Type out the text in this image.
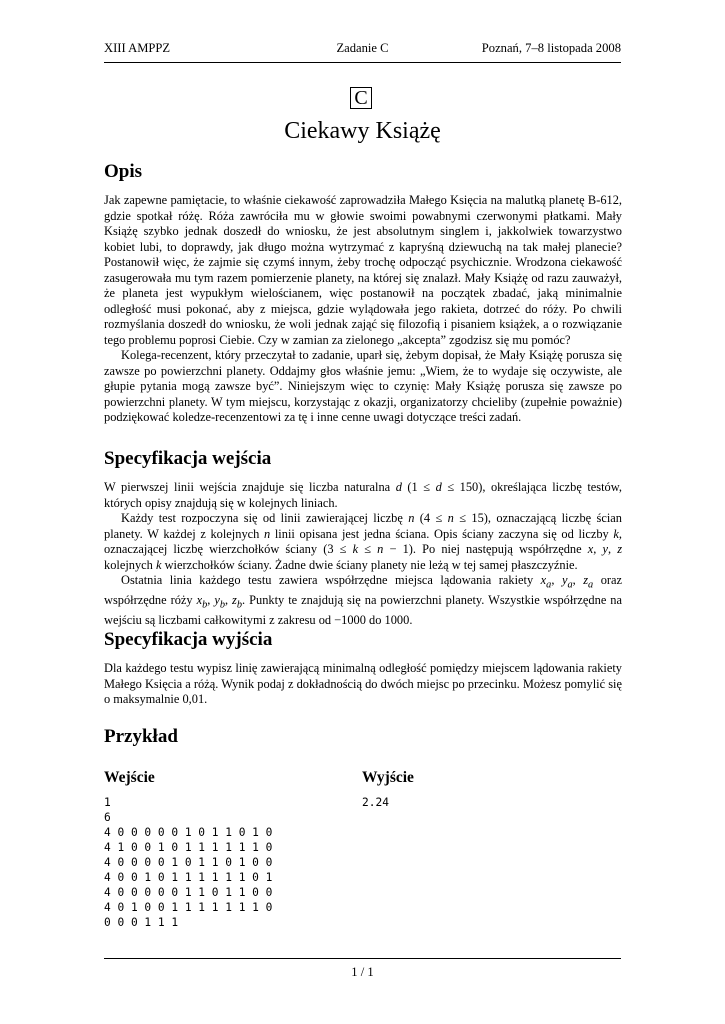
XIII AMPPZ	Zadanie C	Poznań, 7–8 listopada 2008
C
Ciekawy Książę
Opis

Jak zapewne pamiętacie, to właśnie ciekawość zaprowadziła Małego Księcia na malutką planetę B-612, gdzie spotkał różę. Róża zawróciła mu w głowie swoimi powabnymi czerwonymi płatkami. Mały Książę szybko jednak doszedł do wniosku, że jest absolutnym singlem i, jakkolwiek towarzystwo kobiet lubi, to doprawdy, jak długo można wytrzymać z kapryśną dziewuchą na tak małej planecie? Postanowił więc, że zajmie się czymś innym, żeby trochę odpocząć psychicznie. Wrodzona ciekawość zasugerowała mu tym razem pomierzenie planety, na której się znalazł. Mały Książę od razu zauważył, że planeta jest wypukłym wielościanem, więc postanowił na początek zbadać, jaką minimalnie odległość musi pokonać, aby z miejsca, gdzie wylądowała jego rakieta, dotrzeć do róży. Po chwili rozmyślania doszedł do wniosku, że woli jednak zająć się filozofią i pisaniem książek, a o rozwiązanie tego problemu poprosi Ciebie. Czy w zamian za zielonego „akcepta” zgodzisz się mu pomóc?

Kolega-recenzent, który przeczytał to zadanie, uparł się, żebym dopisał, że Mały Książę porusza się zawsze po powierzchni planety. Oddajmy głos właśnie jemu: „Wiem, że to wydaje się oczywiste, ale głupie pytania mogą zawsze być”. Niniejszym więc to czynię: Mały Książę porusza się zawsze po powierzchni planety. W tym miejscu, korzystając z okazji, organizatorzy chcieliby (zupełnie poważnie) podziękować koledze-recenzentowi za tę i inne cenne uwagi dotyczące treści zadań.

Specyfikacja wejścia

W pierwszej linii wejścia znajduje się liczba naturalna d (1 ≤ d ≤ 150), określająca liczbę testów, których opisy znajdują się w kolejnych liniach.

Każdy test rozpoczyna się od linii zawierającej liczbę n (4 ≤ n ≤ 15), oznaczającą liczbę ścian planety. W każdej z kolejnych n linii opisana jest jedna ściana. Opis ściany zaczyna się od liczby k, oznaczającej liczbę wierzchołków ściany (3 ≤ k ≤ n − 1). Po niej następują współrzędne x, y, z kolejnych k wierzchołków ściany. Żadne dwie ściany planety nie leżą w tej samej płaszczyźnie.

Ostatnia linia każdego testu zawiera współrzędne miejsca lądowania rakiety $x_a$, $y_a$, $z_a$ oraz współrzędne róży $x_b$, $y_b$, $z_b$. Punkty te znajdują się na powierzchni planety. Wszystkie współrzędne na wejściu są liczbami całkowitymi z zakresu od −1000 do 1000.

Specyfikacja wyjścia

Dla każdego testu wypisz linię zawierającą minimalną odległość pomiędzy miejscem lądowania rakiety Małego Księcia a różą. Wynik podaj z dokładnością do dwóch miejsc po przecinku. Możesz pomylić się o maksymalnie 0,01.

Przykład
Wejście	Wyjście
1
6
4 0 0 0 0 0 1 0 1 1 0 1 0
4 1 0 0 1 0 1 1 1 1 1 1 0
4 0 0 0 0 1 0 1 1 0 1 0 0
4 0 0 1 0 1 1 1 1 1 1 0 1
4 0 0 0 0 0 1 1 0 1 1 0 0
4 0 1 0 0 1 1 1 1 1 1 1 0
0 0 0 1 1 1
2.24
1 / 1
